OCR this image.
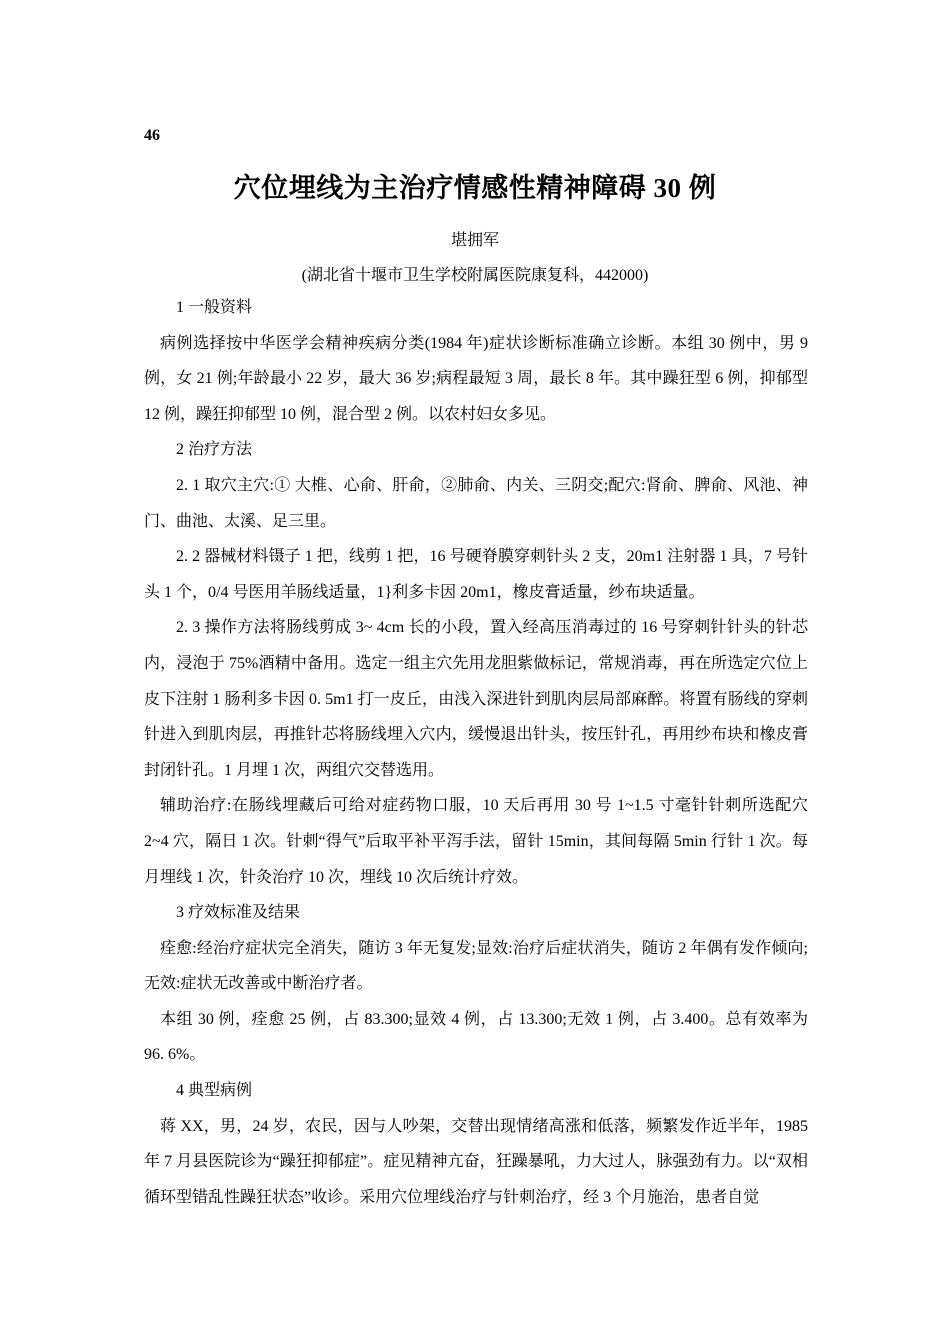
46
穴位埋线为主治疗情感性精神障碍 30 例
堪拥军
(湖北省十堰市卫生学校附属医院康复科，442000)

1 一般资料

病例选择按中华医学会精神疾病分类(1984 年)症状诊断标准确立诊断。本组 30 例中，男 9 例，女 21 例;年龄最小 22 岁，最大 36 岁;病程最短 3 周，最长 8 年。其中躁狂型 6 例，抑郁型 12 例，躁狂抑郁型 10 例，混合型 2 例。以农村妇女多见。

2 治疗方法

2. 1 取穴主穴:① 大椎、心俞、肝俞，②肺俞、内关、三阴交;配穴:肾俞、脾俞、风池、神门、曲池、太溪、足三里。

2. 2 器械材料镊子 1 把，线剪 1 把，16 号硬脊膜穿刺针头 2 支，20m1 注射器 1 具，7 号针头 1 个，0/4 号医用羊肠线适量，1}利多卡因 20m1，橡皮膏适量，纱布块适量。

2. 3 操作方法将肠线剪成 3~ 4cm 长的小段，置入经高压消毒过的 16 号穿刺针针头的针芯内，浸泡于 75%酒精中备用。选定一组主穴先用龙胆紫做标记，常规消毒，再在所选定穴位上皮下注射 1 肠利多卡因 0. 5m1 打一皮丘，由浅入深进针到肌肉层局部麻醉。将置有肠线的穿刺针进入到肌肉层，再推针芯将肠线埋入穴内，缓慢退出针头，按压针孔，再用纱布块和橡皮膏封闭针孔。1 月埋 1 次，两组穴交替选用。

辅助治疗:在肠线埋藏后可给对症药物口服，10 天后再用 30 号 1~1.5 寸毫针针刺所选配穴 2~4 穴，隔日 1 次。针刺“得气”后取平补平泻手法，留针 15min，其间每隔 5min 行针 1 次。每月埋线 1 次，针灸治疗 10 次，埋线 10 次后统计疗效。

3 疗效标准及结果

痊愈:经治疗症状完全消失，随访 3 年无复发;显效:治疗后症状消失，随访 2 年偶有发作倾向;无效:症状无改善或中断治疗者。

本组 30 例，痊愈 25 例，占 83.300;显效 4 例，占 13.300;无效 1 例，占 3.400。总有效率为 96. 6%。

4 典型病例

蒋 XX，男，24 岁，农民，因与人吵架，交替出现情绪高涨和低落，频繁发作近半年，1985 年 7 月县医院诊为“躁狂抑郁症”。症见精神亢奋，狂躁暴吼，力大过人，脉强劲有力。以“双相循环型错乱性躁狂状态”收诊。采用穴位埋线治疗与针刺治疗，经 3 个月施治，患者自觉
